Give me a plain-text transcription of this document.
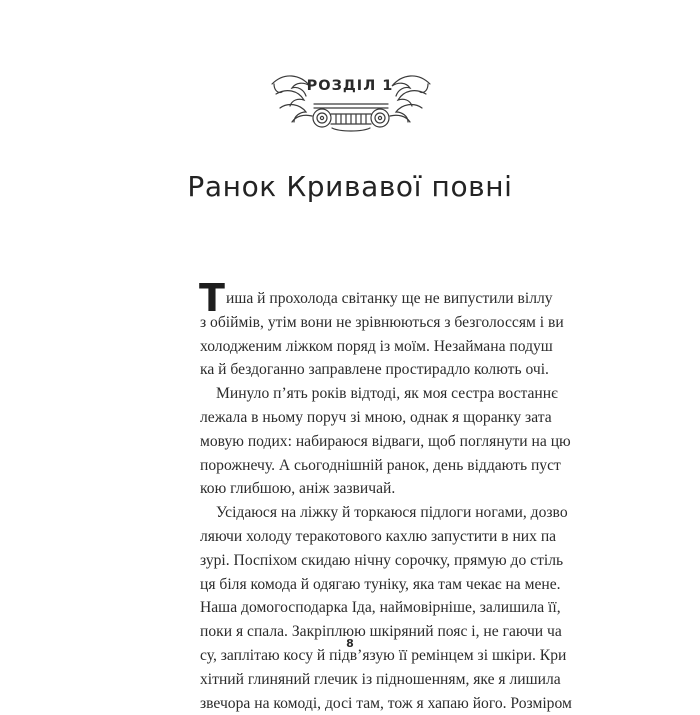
РОЗДІЛ 1
Ранок Кривавої повні
Т иша й прохолода світанку ще не випустили віллу
з обіймів, утім вони не зрівнюються з безголоссям і ви
холодженим ліжком поряд із моїм. Незаймана подуш
ка й бездоганно заправлене простирадло колють очі.
Минуло п’ять років відтоді, як моя сестра востаннє
лежала в ньому поруч зі мною, однак я щоранку зата
мовую подих: набираюся відваги, щоб поглянути на цю
порожнечу. А сьогоднішній ранок, день віддають пуст
кою глибшою, аніж зазвичай.
Усідаюся на ліжку й торкаюся підлоги ногами, дозво
ляючи холоду теракотового кахлю запустити в них па
зурі. Поспіхом скидаю нічну сорочку, прямую до стіль
ця біля комода й одягаю туніку, яка там чекає на мене.
Наша домогосподарка Іда, наймовірніше, залишила її,
поки я спала. Закріплюю шкіряний пояс і, не гаючи ча
су, заплітаю косу й підв’язую її ремінцем зі шкіри. Кри
хітний глиняний глечик із підношенням, яке я лишила
звечора на комоді, досі там, тож я хапаю його. Розміром
8
